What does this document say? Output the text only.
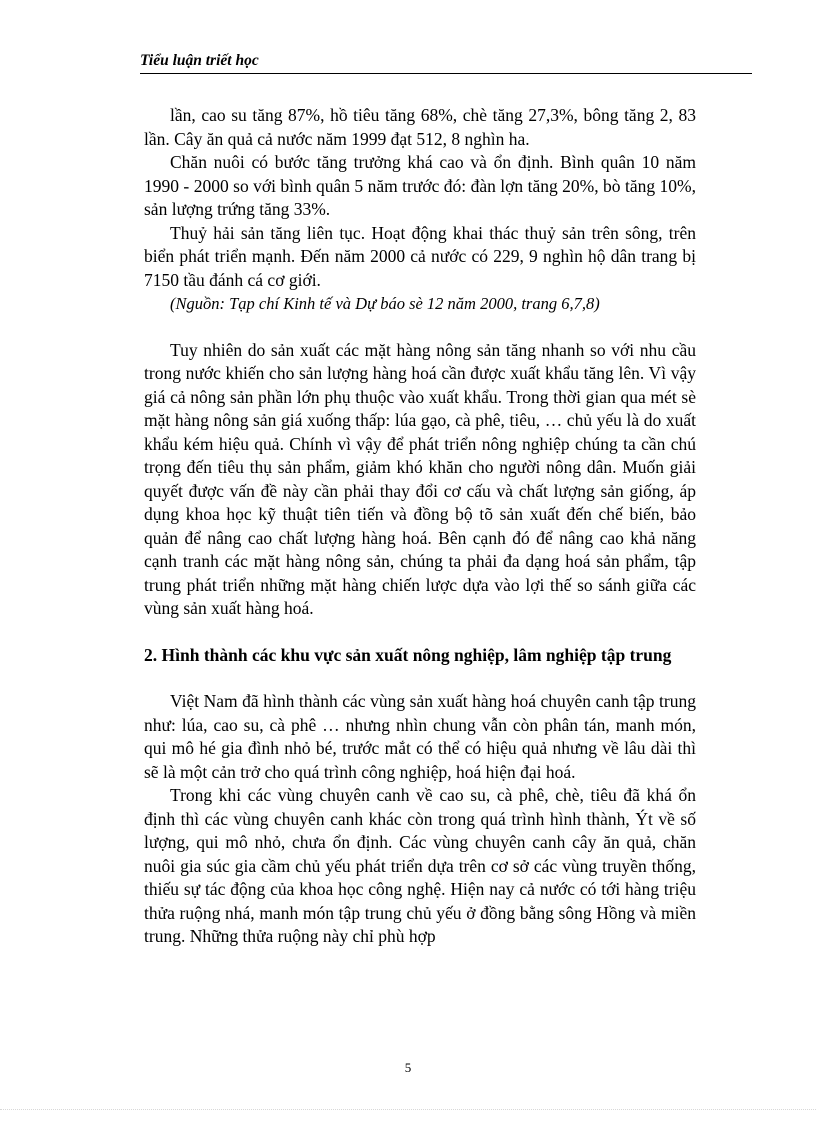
Tiểu luận triết học

lần, cao su tăng 87%, hồ tiêu tăng 68%, chè tăng 27,3%, bông tăng 2, 83 lần. Cây ăn quả cả nước năm 1999 đạt 512, 8 nghìn ha.

Chăn nuôi có bước tăng trưởng khá cao và ổn định. Bình quân 10 năm 1990 - 2000 so với bình quân 5 năm trước đó: đàn lợn tăng 20%, bò tăng 10%, sản lượng trứng tăng 33%.

Thuỷ hải sản tăng liên tục. Hoạt động khai thác thuỷ sản trên sông, trên biển phát triển mạnh. Đến năm 2000 cả nước có 229, 9 nghìn hộ dân trang bị 7150 tầu đánh cá cơ giới.

(Nguồn: Tạp chí Kinh tế và Dự báo sè 12 năm 2000, trang 6,7,8)

Tuy nhiên do sản xuất các mặt hàng nông sản tăng nhanh so với nhu cầu trong nước khiến cho sản lượng hàng hoá cần được xuất khẩu tăng lên. Vì vậy giá cả nông sản phần lớn phụ thuộc vào xuất khẩu. Trong thời gian qua mét sè mặt hàng nông sản giá xuống thấp: lúa gạo, cà phê, tiêu, … chủ yếu là do xuất khẩu kém hiệu quả. Chính vì vậy để phát triển nông nghiệp chúng ta cần chú trọng đến tiêu thụ sản phẩm, giảm khó khăn cho người nông dân. Muốn giải quyết được vấn đề này cần phải thay đổi cơ cấu và chất lượng sản giống, áp dụng khoa học kỹ thuật tiên tiến và đồng bộ tõ sản xuất đến chế biến, bảo quản để nâng cao chất lượng hàng hoá. Bên cạnh đó để nâng cao khả năng cạnh tranh các mặt hàng nông sản, chúng ta phải đa dạng hoá sản phẩm, tập trung phát triển những mặt hàng chiến lược dựa vào lợi thế so sánh giữa các vùng sản xuất hàng hoá.

2. Hình thành các khu vực sản xuất nông nghiệp, lâm nghiệp tập trung

Việt Nam đã hình thành các vùng sản xuất hàng hoá chuyên canh tập trung như: lúa, cao su, cà phê … nhưng nhìn chung vẫn còn phân tán, manh món, qui mô hé gia đình nhỏ bé, trước mắt có thể có hiệu quả nhưng về lâu dài thì sẽ là một cản trở cho quá trình công nghiệp, hoá hiện đại hoá.

Trong khi các vùng chuyên canh về cao su, cà phê, chè, tiêu đã khá ổn định thì các vùng chuyên canh khác còn trong quá trình hình thành, Ýt về số lượng, qui mô nhỏ, chưa ổn định. Các vùng chuyên canh cây ăn quả, chăn nuôi gia súc gia cầm chủ yếu phát triển dựa trên cơ sở các vùng truyền thống, thiếu sự tác động của khoa học công nghệ. Hiện nay cả nước có tới hàng triệu thửa ruộng nhá, manh món tập trung chủ yếu ở đồng bằng sông Hồng và miền trung. Những thửa ruộng này chỉ phù hợp

5
